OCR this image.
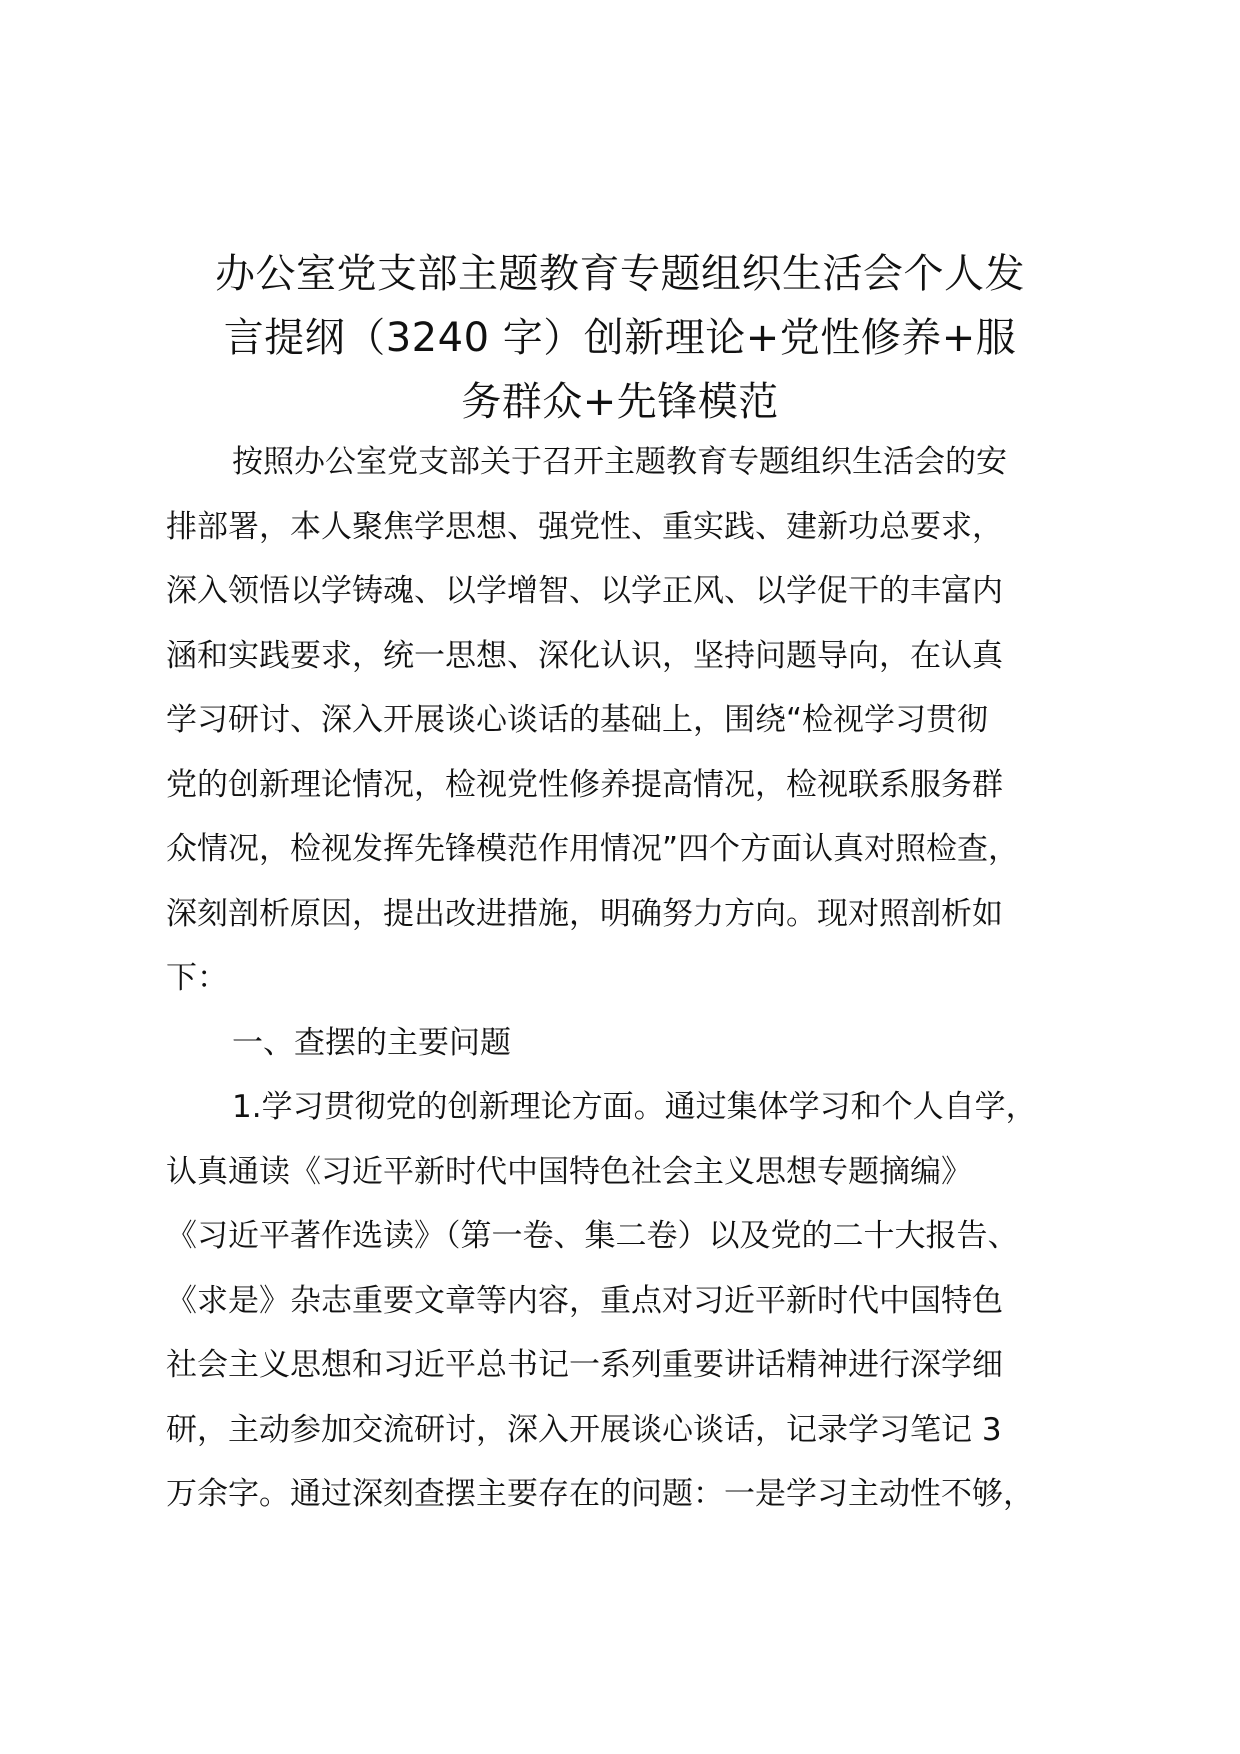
办公室党支部主题教育专题组织生活会个人发
言提纲（3240 字）创新理论+党性修养+服
务群众+先锋模范
按照办公室党支部关于召开主题教育专题组织生活会的安
排部署，本人聚焦学思想、强党性、重实践、建新功总要求，
深入领悟以学铸魂、以学增智、以学正风、以学促干的丰富内
涵和实践要求，统一思想、深化认识，坚持问题导向，在认真
学习研讨、深入开展谈心谈话的基础上，围绕“检视学习贯彻
党的创新理论情况，检视党性修养提高情况，检视联系服务群
众情况，检视发挥先锋模范作用情况”四个方面认真对照检查，
深刻剖析原因，提出改进措施，明确努力方向。现对照剖析如
下：
一、查摆的主要问题
1.学习贯彻党的创新理论方面。通过集体学习和个人自学，
认真通读《习近平新时代中国特色社会主义思想专题摘编》
《习近平著作选读》（第一卷、集二卷）以及党的二十大报告、
《求是》杂志重要文章等内容，重点对习近平新时代中国特色
社会主义思想和习近平总书记一系列重要讲话精神进行深学细
研，主动参加交流研讨，深入开展谈心谈话，记录学习笔记 3
万余字。通过深刻查摆主要存在的问题：一是学习主动性不够，
